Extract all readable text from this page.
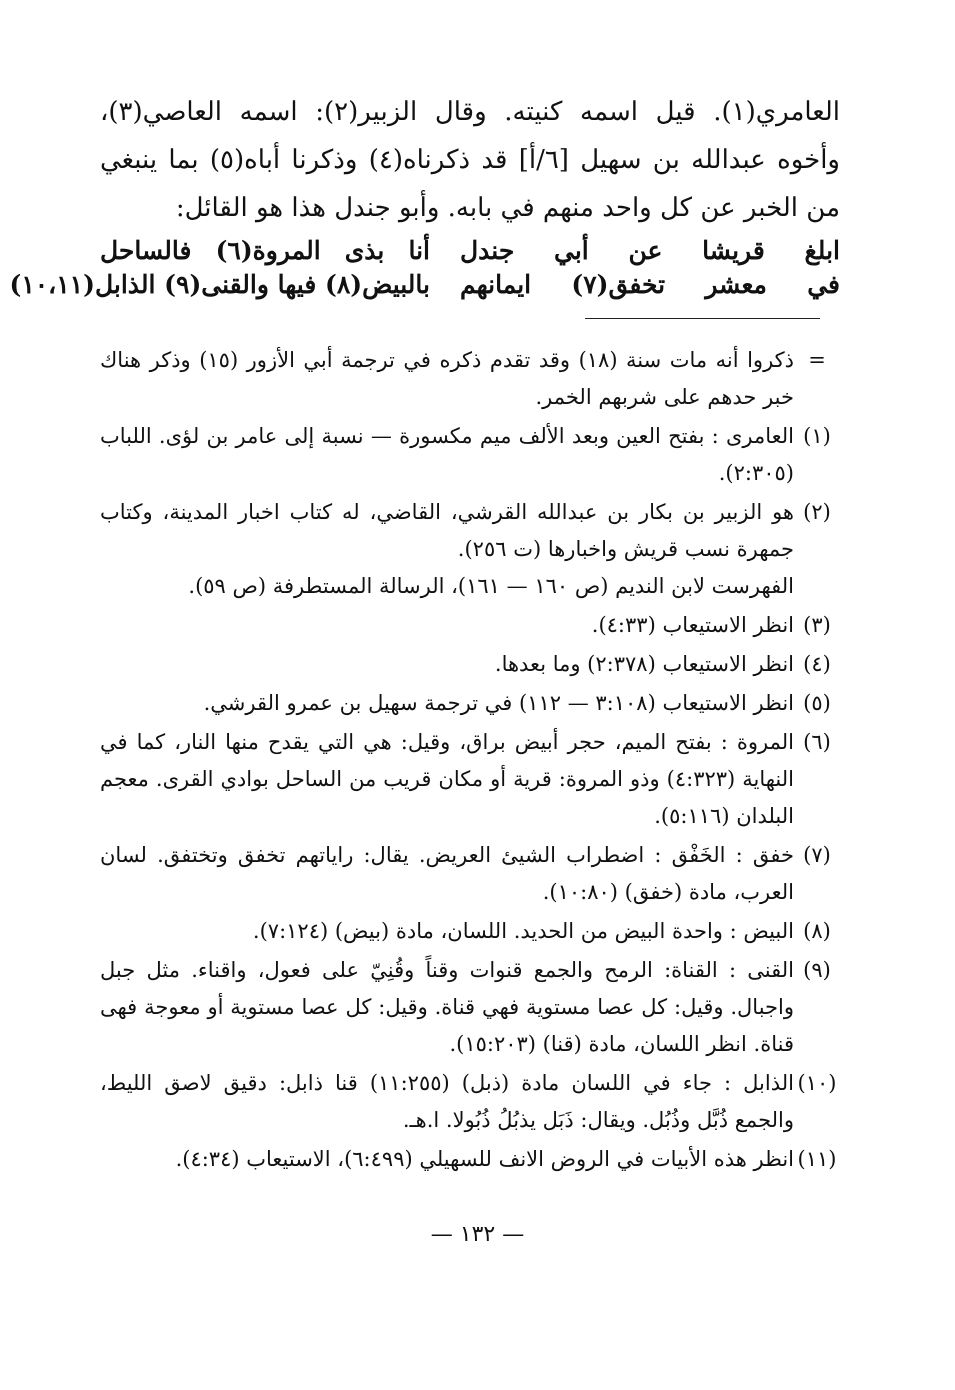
العامري(١). قيل اسمه كنيته. وقال الزبير(٢): اسمه العاصي(٣)، وأخوه عبدالله بن سهيل [٦/أ] قد ذكرناه(٤) وذكرنا أباه(٥) بما ينبغي من الخبر عن كل واحد منهم في بابه. وأبو جندل هذا هو القائل:

ابلغ قريشا عن أبي جندل
أنا بذى المروة(٦) فالساحل
في معشر تخفق(٧) ايمانهم
بالبيض(٨) فيها والقنى(٩) الذابل(١٠،١١)
=

ذكروا أنه مات سنة (١٨) وقد تقدم ذكره في ترجمة أبي الأزور (١٥) وذكر هناك خبر حدهم على شربهم الخمر.

(١)

العامرى : بفتح العين وبعد الألف ميم مكسورة — نسبة إلى عامر بن لؤى. اللباب (٢:٣٠٥).

(٢)

هو الزبير بن بكار بن عبدالله القرشي، القاضي، له كتاب اخبار المدينة، وكتاب جمهرة نسب قريش واخبارها (ت ٢٥٦).

الفهرست لابن النديم (ص ١٦٠ — ١٦١)، الرسالة المستطرفة (ص ٥٩).

(٣)

انظر الاستيعاب (٤:٣٣).

(٤)

انظر الاستيعاب (٢:٣٧٨) وما بعدها.

(٥)

انظر الاستيعاب (٣:١٠٨ — ١١٢) في ترجمة سهيل بن عمرو القرشي.

(٦)

المروة : بفتح الميم، حجر أبيض براق، وقيل: هي التي يقدح منها النار، كما في النهاية (٤:٣٢٣) وذو المروة: قرية أو مكان قريب من الساحل بوادي القرى. معجم البلدان (٥:١١٦).

(٧)

خفق : الخَفْق : اضطراب الشيئ العريض. يقال: راياتهم تخفق وتختفق. لسان العرب، مادة (خفق) (١٠:٨٠).

(٨)

البيض : واحدة البيض من الحديد. اللسان، مادة (بيض) (٧:١٢٤).

(٩)

القنى : القناة: الرمح والجمع قنوات وقناً وقُنِيّ على فعول، واقناء. مثل جبل واجبال. وقيل: كل عصا مستوية فهي قناة. وقيل: كل عصا مستوية أو معوجة فهى قناة. انظر اللسان، مادة (قنا) (١٥:٢٠٣).

(١٠)

الذابل : جاء في اللسان مادة (ذبل) (١١:٢٥٥) قنا ذابل: دقيق لاصق الليط، والجمع ذُبَّل وذُبُل. ويقال: ذَبَل يذبُلُ ذُبُولا. ا.هـ.

(١١)

انظر هذه الأبيات في الروض الانف للسهيلي (٦:٤٩٩)، الاستيعاب (٤:٣٤).

— ١٣٢ —
